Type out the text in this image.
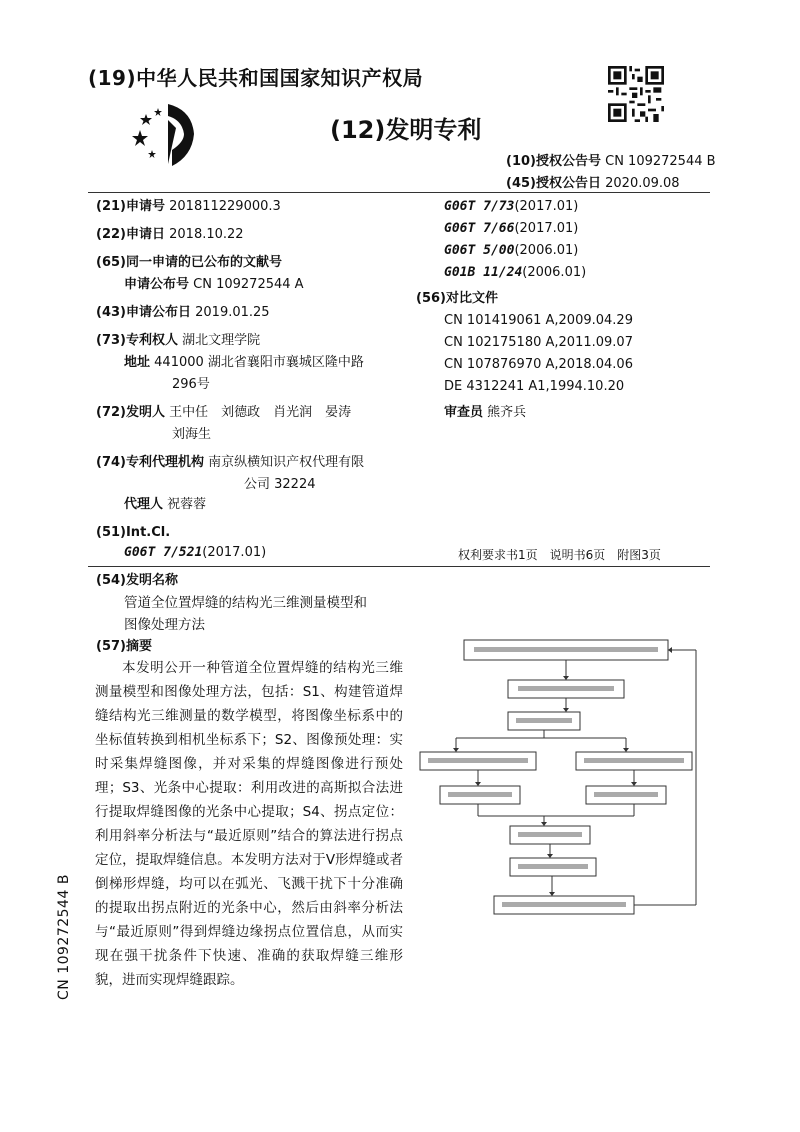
(19)中华人民共和国国家知识产权局
(12)发明专利
(10)授权公告号 CN 109272544 B
(45)授权公告日 2020.09.08
(21)申请号 201811229000.3
(22)申请日 2018.10.22
(65)同一申请的已公布的文献号
申请公布号 CN 109272544 A
(43)申请公布日 2019.01.25
(73)专利权人 湖北文理学院
地址 441000 湖北省襄阳市襄城区隆中路
296号
(72)发明人 王中任　刘德政　肖光润　晏涛
刘海生
(74)专利代理机构 南京纵横知识产权代理有限
公司 32224
代理人 祝蓉蓉
(51)Int.Cl.
G06T 7/521(2017.01)
G06T 7/73(2017.01)
G06T 7/66(2017.01)
G06T 5/00(2006.01)
G01B 11/24(2006.01)
(56)对比文件
CN 101419061 A,2009.04.29
CN 102175180 A,2011.09.07
CN 107876970 A,2018.04.06
DE 4312241 A1,1994.10.20
审查员 熊齐兵
权利要求书1页　说明书6页　附图3页
(54)发明名称
管道全位置焊缝的结构光三维测量模型和
图像处理方法
(57)摘要
本发明公开一种管道全位置焊缝的结构光三维测量模型和图像处理方法，包括：S1、构建管道焊缝结构光三维测量的数学模型，将图像坐标系中的坐标值转换到相机坐标系下；S2、图像预处理：实时采集焊缝图像，并对采集的焊缝图像进行预处理；S3、光条中心提取：利用改进的高斯拟合法进行提取焊缝图像的光条中心提取；S4、拐点定位：利用斜率分析法与“最近原则”结合的算法进行拐点定位，提取焊缝信息。本发明方法对于V形焊缝或者倒梯形焊缝，均可以在弧光、飞溅干扰下十分准确的提取出拐点附近的光条中心，然后由斜率分析法与“最近原则”得到焊缝边缘拐点位置信息，从而实现在强干扰条件下快速、准确的获取焊缝三维形貌，进而实现焊缝跟踪。
CN 109272544 B
